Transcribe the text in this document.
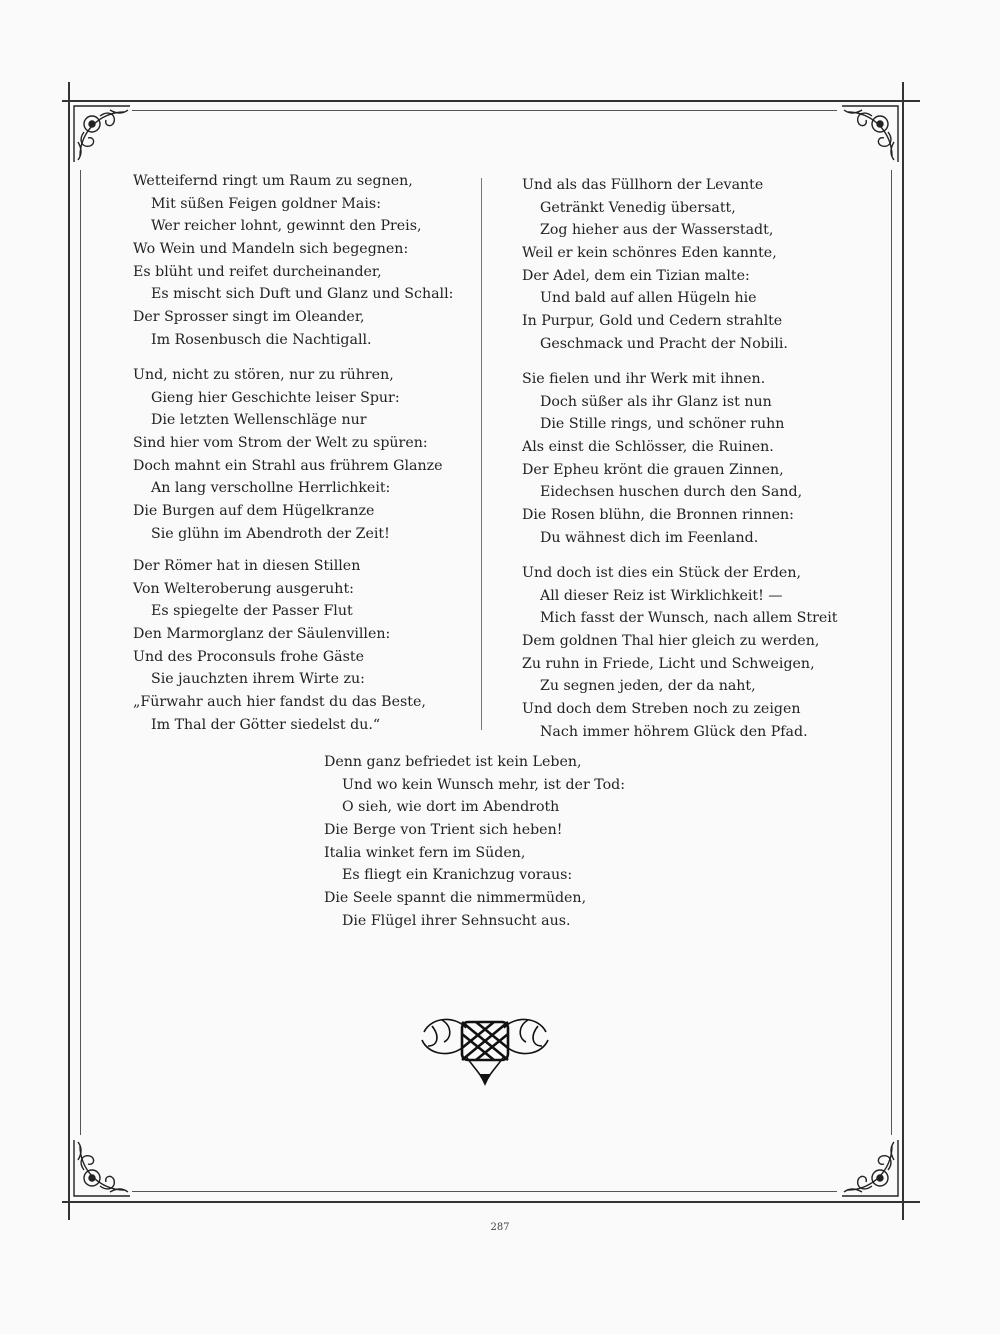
Wetteifernd ringt um Raum zu segnen,
Mit süßen Feigen goldner Mais:
Wer reicher lohnt, gewinnt den Preis,
Wo Wein und Mandeln sich begegnen:
Es blüht und reifet durcheinander,
Es mischt sich Duft und Glanz und Schall:
Der Sprosser singt im Oleander,
Im Rosenbusch die Nachtigall.
Und, nicht zu stören, nur zu rühren,
Gieng hier Geschichte leiser Spur:
Die letzten Wellenschläge nur
Sind hier vom Strom der Welt zu spüren:
Doch mahnt ein Strahl aus frührem Glanze
An lang verschollne Herrlichkeit:
Die Burgen auf dem Hügelkranze
Sie glühn im Abendroth der Zeit!
Der Römer hat in diesen Stillen
Von Welteroberung ausgeruht:
Es spiegelte der Passer Flut
Den Marmorglanz der Säulenvillen:
Und des Proconsuls frohe Gäste
Sie jauchzten ihrem Wirte zu:
„Fürwahr auch hier fandst du das Beste,
Im Thal der Götter siedelst du.“
Und als das Füllhorn der Levante
Getränkt Venedig übersatt,
Zog hieher aus der Wasserstadt,
Weil er kein schönres Eden kannte,
Der Adel, dem ein Tizian malte:
Und bald auf allen Hügeln hie
In Purpur, Gold und Cedern strahlte
Geschmack und Pracht der Nobili.
Sie fielen und ihr Werk mit ihnen.
Doch süßer als ihr Glanz ist nun
Die Stille rings, und schöner ruhn
Als einst die Schlösser, die Ruinen.
Der Epheu krönt die grauen Zinnen,
Eidechsen huschen durch den Sand,
Die Rosen blühn, die Bronnen rinnen:
Du wähnest dich im Feenland.
Und doch ist dies ein Stück der Erden,
All dieser Reiz ist Wirklichkeit! —
Mich fasst der Wunsch, nach allem Streit
Dem goldnen Thal hier gleich zu werden,
Zu ruhn in Friede, Licht und Schweigen,
Zu segnen jeden, der da naht,
Und doch dem Streben noch zu zeigen
Nach immer höhrem Glück den Pfad.
Denn ganz befriedet ist kein Leben,
Und wo kein Wunsch mehr, ist der Tod:
O sieh, wie dort im Abendroth
Die Berge von Trient sich heben!
Italia winket fern im Süden,
Es fliegt ein Kranichzug voraus:
Die Seele spannt die nimmermüden,
Die Flügel ihrer Sehnsucht aus.
287
